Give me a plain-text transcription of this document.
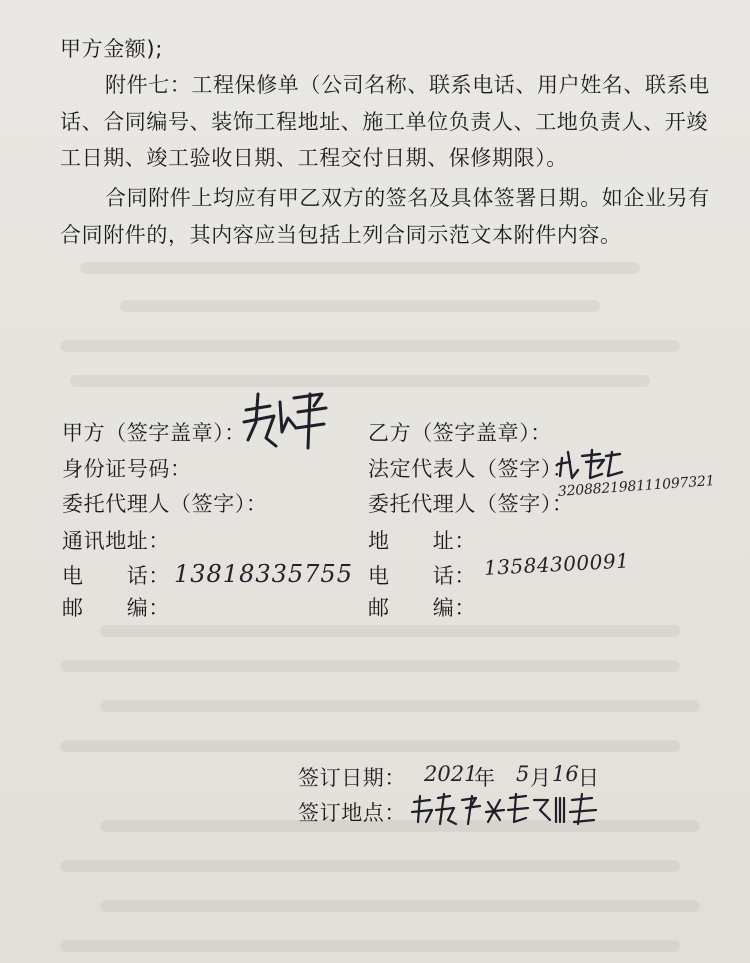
甲方金额);
附件七：工程保修单（公司名称、联系电话、用户姓名、联系电
话、合同编号、装饰工程地址、施工单位负责人、工地负责人、开竣
工日期、竣工验收日期、工程交付日期、保修期限）。
合同附件上均应有甲乙双方的签名及具体签署日期。如企业另有
合同附件的，其内容应当包括上列合同示范文本附件内容。
甲方（签字盖章）：
身份证号码：
委托代理人（签字）：
通讯地址：
电　　话： 13818335755
邮　　编：
乙方（签字盖章）：
法定代表人（签字）：
委托代理人（签字）：
320882198111097321
地　　址：
电　　话： 13584300091
邮　　编：
签订日期： 2021
年 5 月 16 日
签订地点：
